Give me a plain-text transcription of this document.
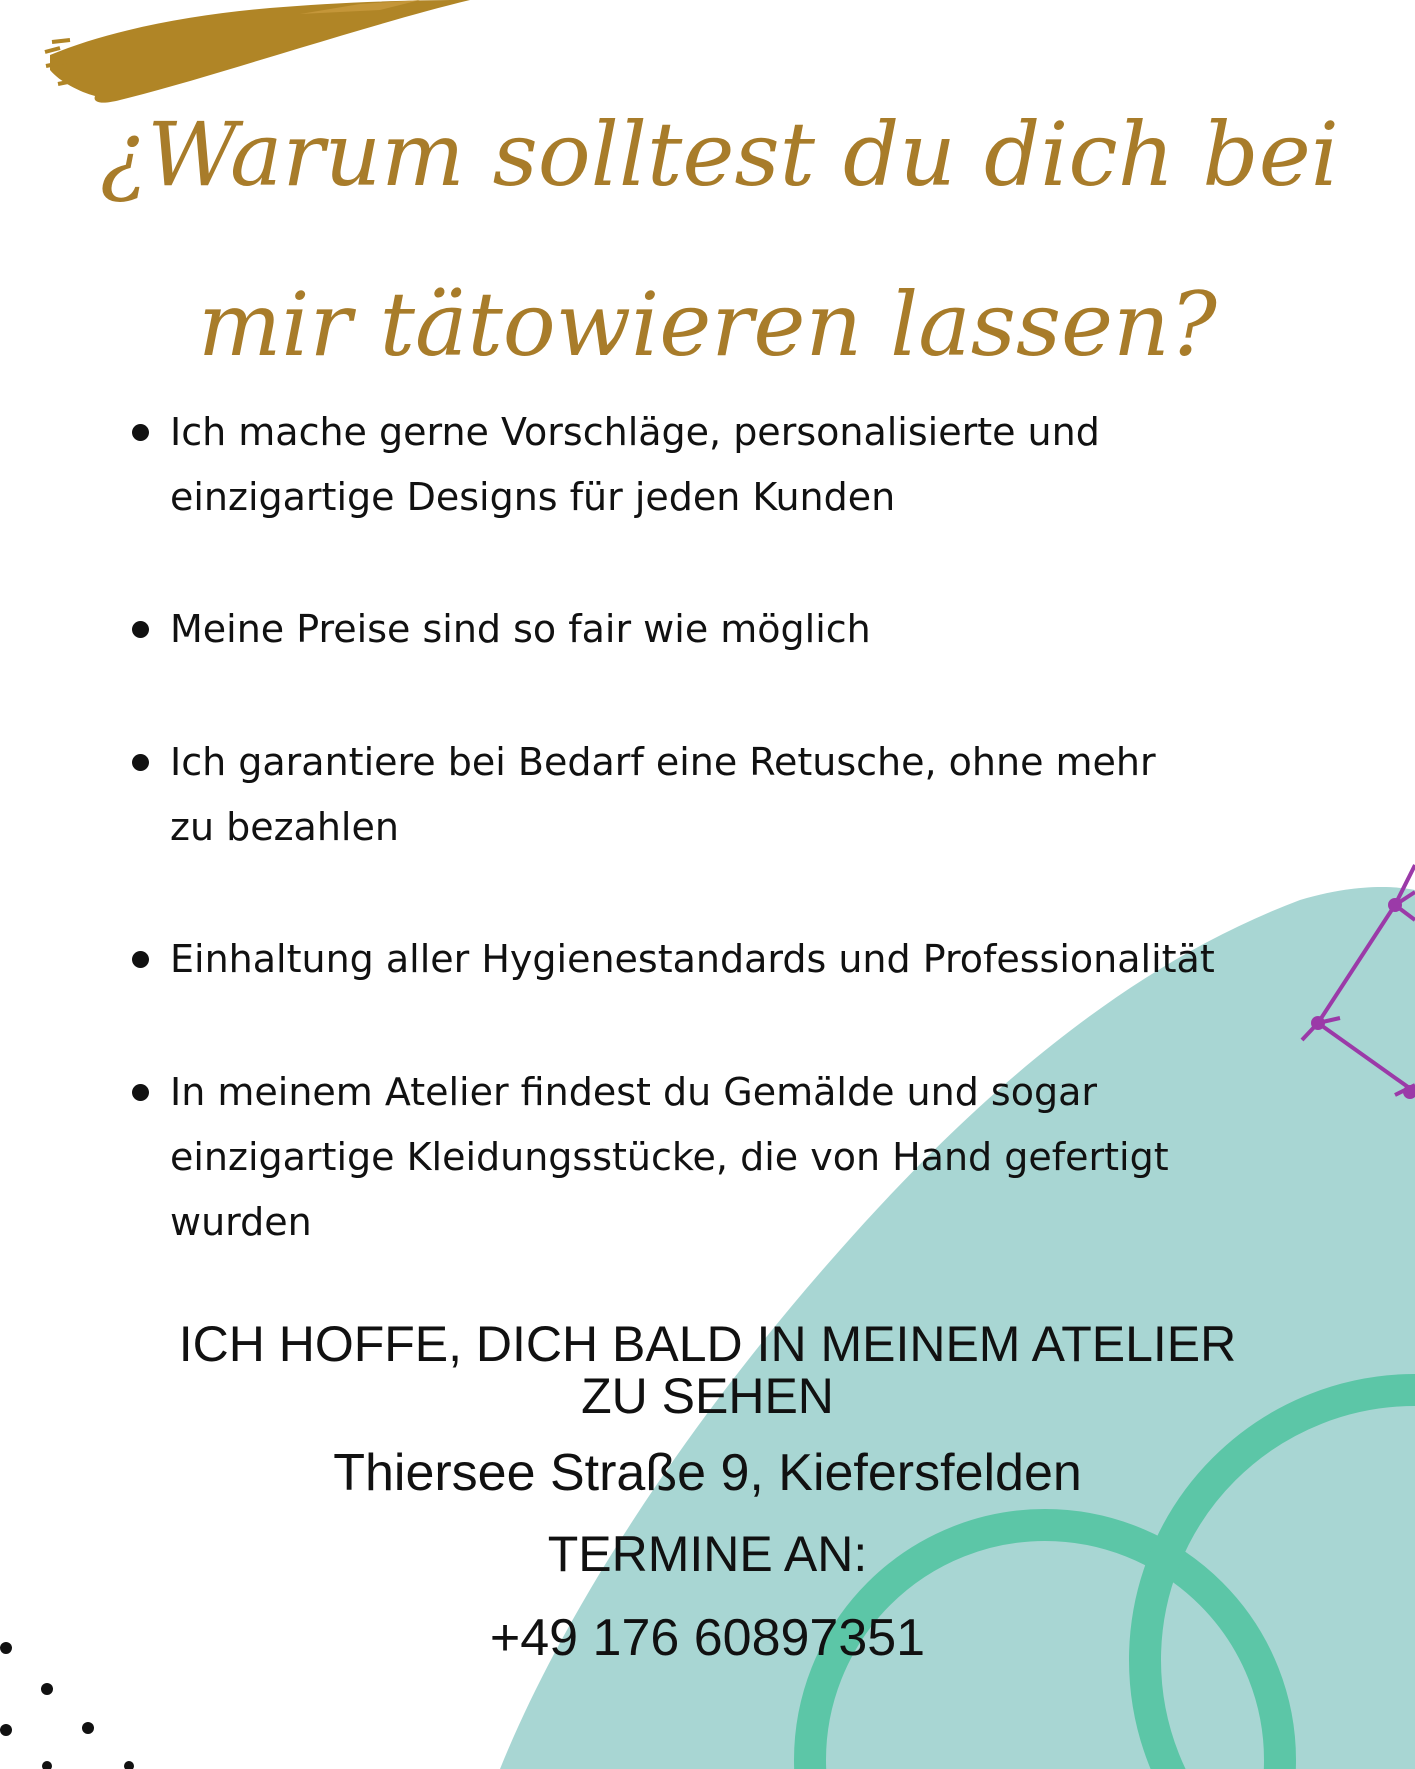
¿Warum solltest du dich bei
mir tätowieren lassen?
Ich mache gerne Vorschläge, personalisierte und
einzigartige Designs für jeden Kunden
Meine Preise sind so fair wie möglich
Ich garantiere bei Bedarf eine Retusche, ohne mehr
zu bezahlen
Einhaltung aller Hygienestandards und Professionalität
In meinem Atelier findest du Gemälde und sogar
einzigartige Kleidungsstücke, die von Hand gefertigt
wurden
ICH HOFFE, DICH BALD IN MEINEM ATELIER
ZU SEHEN
Thiersee Straße 9, Kiefersfelden
TERMINE AN:
+49 176 60897351
